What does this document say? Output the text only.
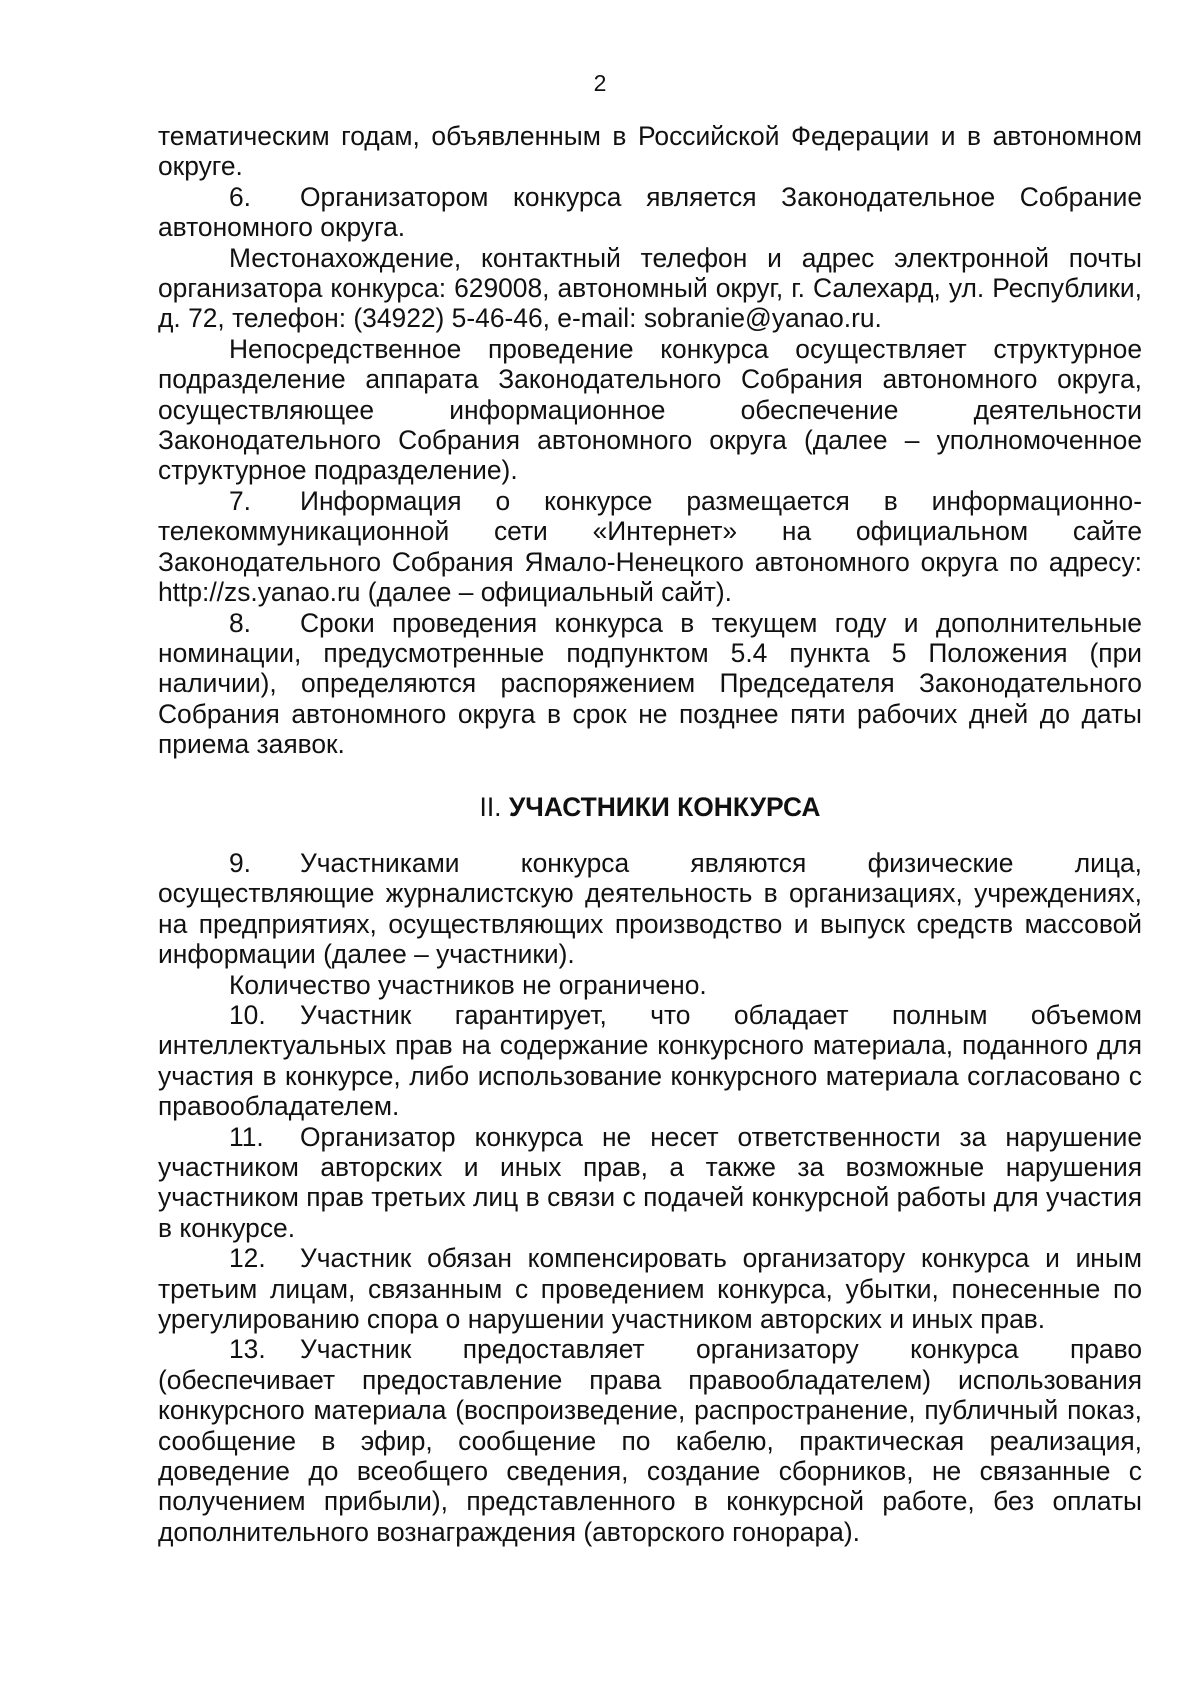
2

тематическим годам, объявленным в Российской Федерации и в автономном округе.

6. Организатором конкурса является Законодательное Собрание автономного округа.

Местонахождение, контактный телефон и адрес электронной почты организатора конкурса: 629008, автономный округ, г. Салехард, ул. Республики, д. 72, телефон: (34922) 5-46-46, e-mail: sobranie@yanao.ru.

Непосредственное проведение конкурса осуществляет структурное подразделение аппарата Законодательного Собрания автономного округа, осуществляющее информационное обеспечение деятельности Законодательного Собрания автономного округа (далее – уполномоченное структурное подразделение).

7. Информация о конкурсе размещается в информационно-телекоммуникационной сети «Интернет» на официальном сайте Законодательного Собрания Ямало-Ненецкого автономного округа по адресу: http://zs.yanao.ru (далее – официальный сайт).

8. Сроки проведения конкурса в текущем году и дополнительные номинации, предусмотренные подпунктом 5.4 пункта 5 Положения (при наличии), определяются распоряжением Председателя Законодательного Собрания автономного округа в срок не позднее пяти рабочих дней до даты приема заявок.

II. УЧАСТНИКИ КОНКУРСА

9. Участниками конкурса являются физические лица, осуществляющие журналистскую деятельность в организациях, учреждениях, на предприятиях, осуществляющих производство и выпуск средств массовой информации (далее – участники).

Количество участников не ограничено.

10. Участник гарантирует, что обладает полным объемом интеллектуальных прав на содержание конкурсного материала, поданного для участия в конкурсе, либо использование конкурсного материала согласовано с правообладателем.

11. Организатор конкурса не несет ответственности за нарушение участником авторских и иных прав, а также за возможные нарушения участником прав третьих лиц в связи с подачей конкурсной работы для участия в конкурсе.

12. Участник обязан компенсировать организатору конкурса и иным третьим лицам, связанным с проведением конкурса, убытки, понесенные по урегулированию спора о нарушении участником авторских и иных прав.

13. Участник предоставляет организатору конкурса право (обеспечивает предоставление права правообладателем) использования конкурсного материала (воспроизведение, распространение, публичный показ, сообщение в эфир, сообщение по кабелю, практическая реализация, доведение до всеобщего сведения, создание сборников, не связанные с получением прибыли), представленного в конкурсной работе, без оплаты дополнительного вознаграждения (авторского гонорара).
